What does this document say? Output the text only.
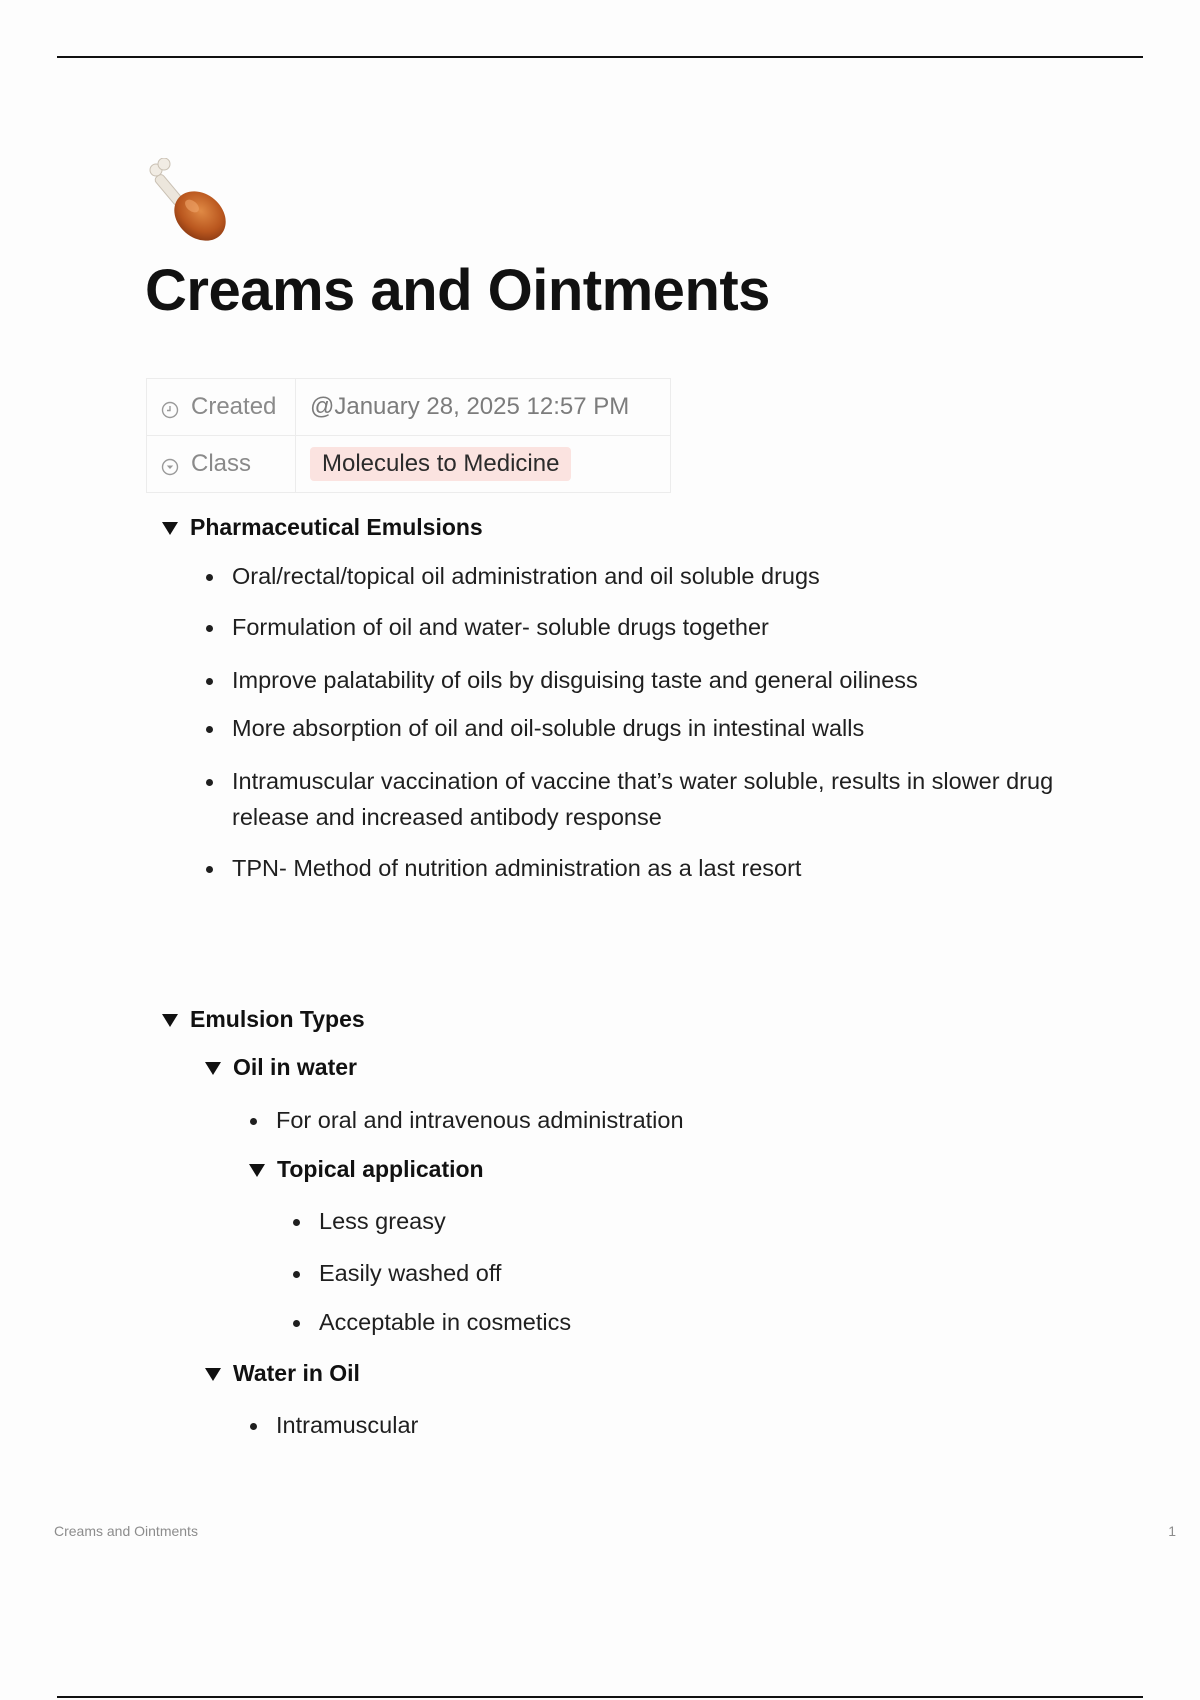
Creams and Ointments
Created	@January 28, 2025 12:57 PM

Class	Molecules to Medicine
Pharmaceutical Emulsions
Oral/rectal/topical oil administration and oil soluble drugs
Formulation of oil and water- soluble drugs together
Improve palatability of oils by disguising taste and general oiliness
More absorption of oil and oil-soluble drugs in intestinal walls
Intramuscular vaccination of vaccine that’s water soluble, results in slower drug release and increased antibody response
TPN- Method of nutrition administration as a last resort
Emulsion Types
Oil in water
For oral and intravenous administration
Topical application
Less greasy
Easily washed off
Acceptable in cosmetics
Water in Oil
Intramuscular
Creams and Ointments	1
